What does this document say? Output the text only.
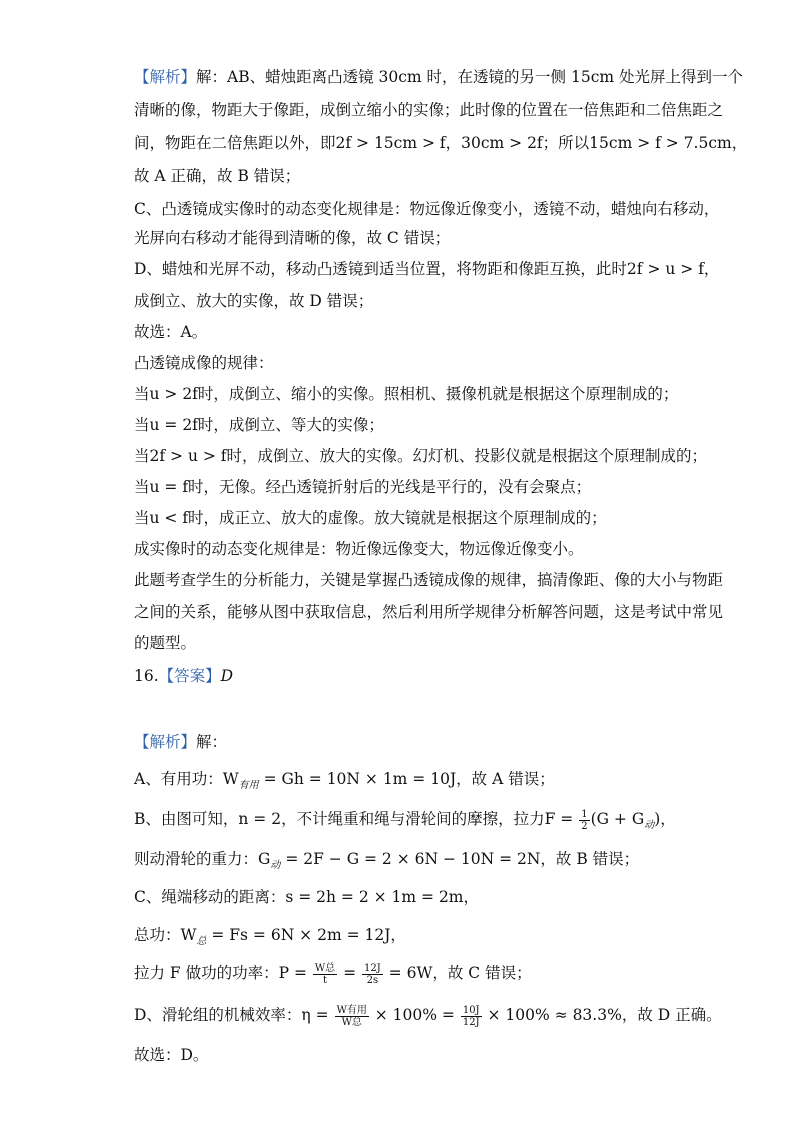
【解析】解：AB、蜡烛距离凸透镜 30cm 时，在透镜的另一侧 15cm 处光屏上得到一个
清晰的像，物距大于像距，成倒立缩小的实像；此时像的位置在一倍焦距和二倍焦距之
间，物距在二倍焦距以外，即2f > 15cm > f，30cm > 2f；所以15cm > f > 7.5cm，
故 A 正确，故 B 错误；
C、凸透镜成实像时的动态变化规律是：物远像近像变小，透镜不动，蜡烛向右移动，
光屏向右移动才能得到清晰的像，故 C 错误；
D、蜡烛和光屏不动，移动凸透镜到适当位置，将物距和像距互换，此时2f > u > f，
成倒立、放大的实像，故 D 错误；
故选：A。
凸透镜成像的规律：
当u > 2f时，成倒立、缩小的实像。照相机、摄像机就是根据这个原理制成的；
当u = 2f时，成倒立、等大的实像；
当2f > u > f时，成倒立、放大的实像。幻灯机、投影仪就是根据这个原理制成的；
当u = f时，无像。经凸透镜折射后的光线是平行的，没有会聚点；
当u < f时，成正立、放大的虚像。放大镜就是根据这个原理制成的；
成实像时的动态变化规律是：物近像远像变大，物远像近像变小。
此题考查学生的分析能力，关键是掌握凸透镜成像的规律，搞清像距、像的大小与物距
之间的关系，能够从图中获取信息，然后利用所学规律分析解答问题，这是考试中常见
的题型。
16.【答案】D
【解析】解：
A、有用功：$W_{有用} = Gh = 10N \times 1m = 10J$，故 A 错误；
B、由图可知，n = 2，不计绳重和绳与滑轮间的摩擦，拉力$F = \frac{1}{2} (G + G_动)$，
则动滑轮的重力：$G_动 = 2F - G = 2 \times 6N - 10N = 2N$，故 B 错误；
C、绳端移动的距离：s = 2h = 2 × 1m = 2m，
总功：$W_总 = Fs = 6N \times 2m = 12J$，
拉力 F 做功的功率：$P = \frac{\text{W总}}{t} = \frac{12J}{2s} = 6W$，故 C 错误；
D、滑轮组的机械效率：$\eta = \frac{\text{W有用}}{\text{W总}} \times 100\% = \frac{10J}{12J} \times 100\% \approx 83.3\%$，故 D 正确。
故选：D。
